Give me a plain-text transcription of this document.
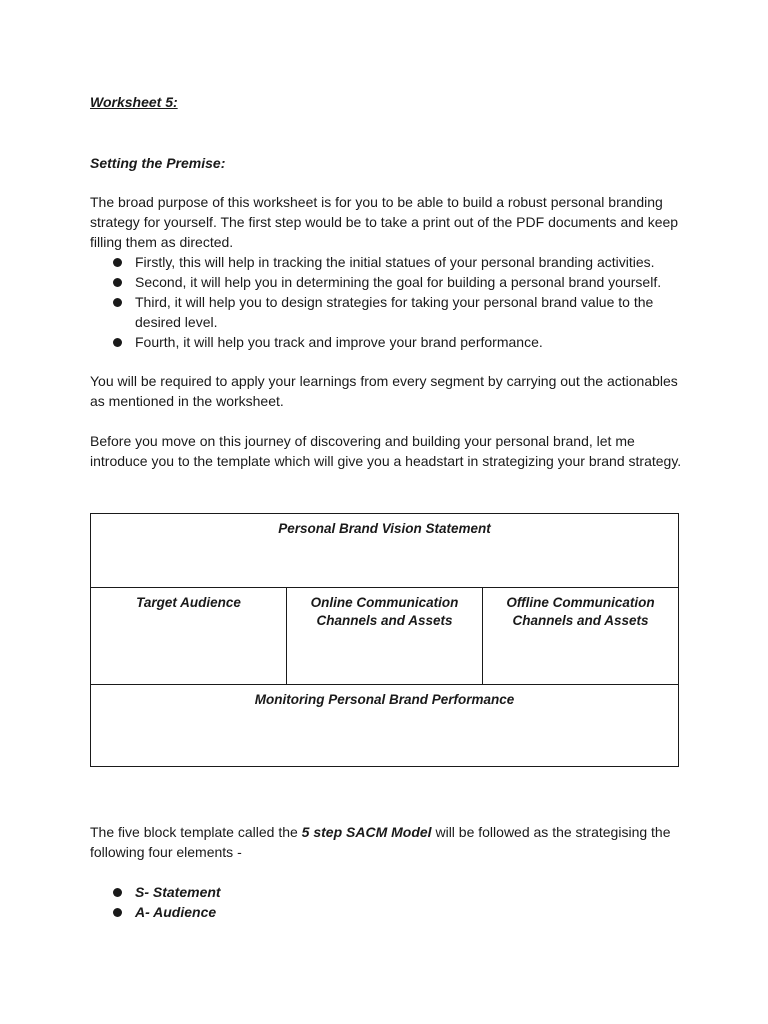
Worksheet 5:

Setting the Premise:

The broad purpose of this worksheet is for you to be able to build a robust personal branding strategy for yourself. The first step would be to take a print out of the PDF documents and keep filling them as directed.

Firstly, this will help in tracking the initial statues of your personal branding activities.
Second, it will help you in determining the goal for building a personal brand yourself.
Third, it will help you to design strategies for taking your personal brand value to the desired level.
Fourth, it will help you track and improve your brand performance.

You will be required to apply your learnings from every segment by carrying out the actionables as mentioned in the worksheet.

Before you move on this journey of discovering and building your personal brand, let me introduce you to the template which will give you a headstart in strategizing your brand strategy.

Personal Brand Vision Statement
Target Audience	Online Communication Channels and Assets	Offline Communication Channels and Assets
Monitoring Personal Brand Performance

The five block template called the 5 step SACM Model will be followed as the strategising the following four elements -

S- Statement
A- Audience
